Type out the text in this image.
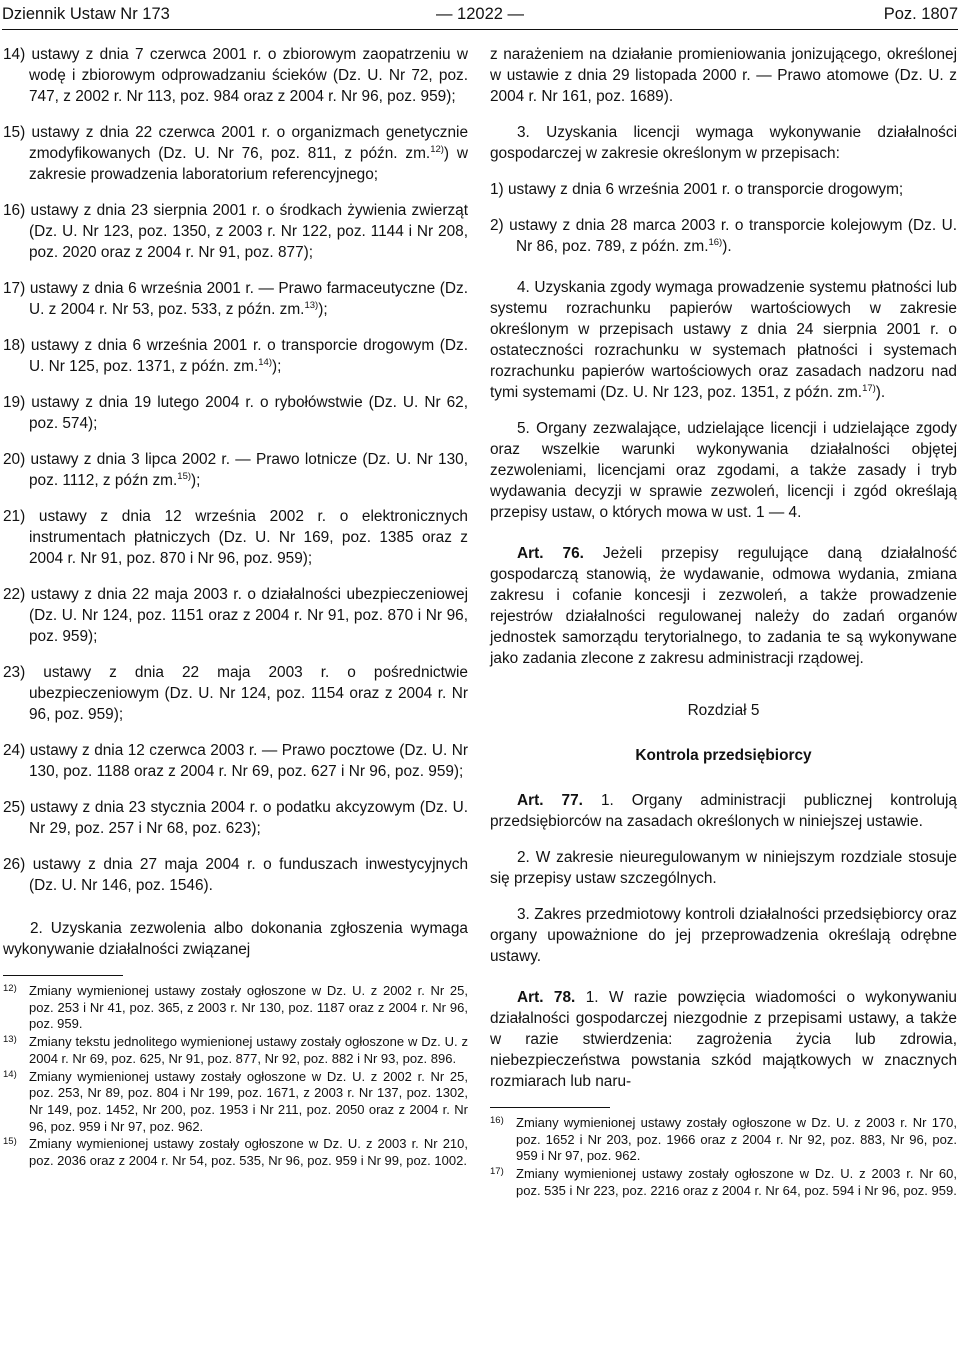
Dziennik Ustaw Nr 173	— 12022 —	Poz. 1807

14) ustawy z dnia 7 czerwca 2001 r. o zbiorowym zaopatrzeniu w wodę i zbiorowym odprowadzaniu ścieków (Dz. U. Nr 72, poz. 747, z 2002 r. Nr 113, poz. 984 oraz z 2004 r. Nr 96, poz. 959);

15) ustawy z dnia 22 czerwca 2001 r. o organizmach genetycznie zmodyfikowanych (Dz. U. Nr 76, poz. 811, z późn. zm.$^{12)}$) w zakresie prowadzenia laboratorium referencyjnego;

16) ustawy z dnia 23 sierpnia 2001 r. o środkach żywienia zwierząt (Dz. U. Nr 123, poz. 1350, z 2003 r. Nr 122, poz. 1144 i Nr 208, poz. 2020 oraz z 2004 r. Nr 91, poz. 877);

17) ustawy z dnia 6 września 2001 r. — Prawo farmaceutyczne (Dz. U. z 2004 r. Nr 53, poz. 533, z późn. zm.$^{13)}$);

18) ustawy z dnia 6 września 2001 r. o transporcie drogowym (Dz. U. Nr 125, poz. 1371, z późn. zm.$^{14)}$);

19) ustawy z dnia 19 lutego 2004 r. o rybołówstwie (Dz. U. Nr 62, poz. 574);

20) ustawy z dnia 3 lipca 2002 r. — Prawo lotnicze (Dz. U. Nr 130, poz. 1112, z późn zm.$^{15)}$);

21) ustawy z dnia 12 września 2002 r. o elektronicznych instrumentach płatniczych (Dz. U. Nr 169, poz. 1385 oraz z 2004 r. Nr 91, poz. 870 i Nr 96, poz. 959);

22) ustawy z dnia 22 maja 2003 r. o działalności ubezpieczeniowej (Dz. U. Nr 124, poz. 1151 oraz z 2004 r. Nr 91, poz. 870 i Nr 96, poz. 959);

23) ustawy z dnia 22 maja 2003 r. o pośrednictwie ubezpieczeniowym (Dz. U. Nr 124, poz. 1154 oraz z 2004 r. Nr 96, poz. 959);

24) ustawy z dnia 12 czerwca 2003 r. — Prawo pocztowe (Dz. U. Nr 130, poz. 1188 oraz z 2004 r. Nr 69, poz. 627 i Nr 96, poz. 959);

25) ustawy z dnia 23 stycznia 2004 r. o podatku akcyzowym (Dz. U. Nr 29, poz. 257 i Nr 68, poz. 623);

26) ustawy z dnia 27 maja 2004 r. o funduszach inwestycyjnych (Dz. U. Nr 146, poz. 1546).

2. Uzyskania zezwolenia albo dokonania zgłoszenia wymaga wykonywanie działalności związanej

12) Zmiany wymienionej ustawy zostały ogłoszone w Dz. U. z 2002 r. Nr 25, poz. 253 i Nr 41, poz. 365, z 2003 r. Nr 130, poz. 1187 oraz z 2004 r. Nr 96, poz. 959.
13) Zmiany tekstu jednolitego wymienionej ustawy zostały ogłoszone w Dz. U. z 2004 r. Nr 69, poz. 625, Nr 91, poz. 877, Nr 92, poz. 882 i Nr 93, poz. 896.
14) Zmiany wymienionej ustawy zostały ogłoszone w Dz. U. z 2002 r. Nr 25, poz. 253, Nr 89, poz. 804 i Nr 199, poz. 1671, z 2003 r. Nr 137, poz. 1302, Nr 149, poz. 1452, Nr 200, poz. 1953 i Nr 211, poz. 2050 oraz z 2004 r. Nr 96, poz. 959 i Nr 97, poz. 962.
15) Zmiany wymienionej ustawy zostały ogłoszone w Dz. U. z 2003 r. Nr 210, poz. 2036 oraz z 2004 r. Nr 54, poz. 535, Nr 96, poz. 959 i Nr 99, poz. 1002.

z narażeniem na działanie promieniowania jonizującego, określonej w ustawie z dnia 29 listopada 2000 r. — Prawo atomowe (Dz. U. z 2004 r. Nr 161, poz. 1689).

3. Uzyskania licencji wymaga wykonywanie działalności gospodarczej w zakresie określonym w przepisach:

1) ustawy z dnia 6 września 2001 r. o transporcie drogowym;

2) ustawy z dnia 28 marca 2003 r. o transporcie kolejowym (Dz. U. Nr 86, poz. 789, z późn. zm.$^{16)}$).

4. Uzyskania zgody wymaga prowadzenie systemu płatności lub systemu rozrachunku papierów wartościowych w zakresie określonym w przepisach ustawy z dnia 24 sierpnia 2001 r. o ostateczności rozrachunku w systemach płatności i systemach rozrachunku papierów wartościowych oraz zasadach nadzoru nad tymi systemami (Dz. U. Nr 123, poz. 1351, z późn. zm.$^{17)}$).

5. Organy zezwalające, udzielające licencji i udzielające zgody oraz wszelkie warunki wykonywania działalności objętej zezwoleniami, licencjami oraz zgodami, a także zasady i tryb wydawania decyzji w sprawie zezwoleń, licencji i zgód określają przepisy ustaw, o których mowa w ust. 1 — 4.

Art. 76. Jeżeli przepisy regulujące daną działalność gospodarczą stanowią, że wydawanie, odmowa wydania, zmiana zakresu i cofanie koncesji i zezwoleń, a także prowadzenie rejestrów działalności regulowanej należy do zadań organów jednostek samorządu terytorialnego, to zadania te są wykonywane jako zadania zlecone z zakresu administracji rządowej.

Rozdział 5

Kontrola przedsiębiorcy

Art. 77. 1. Organy administracji publicznej kontrolują przedsiębiorców na zasadach określonych w niniejszej ustawie.

2. W zakresie nieuregulowanym w niniejszym rozdziale stosuje się przepisy ustaw szczególnych.

3. Zakres przedmiotowy kontroli działalności przedsiębiorcy oraz organy upoważnione do jej przeprowadzenia określają odrębne ustawy.

Art. 78. 1. W razie powzięcia wiadomości o wykonywaniu działalności gospodarczej niezgodnie z przepisami ustawy, a także w razie stwierdzenia: zagrożenia życia lub zdrowia, niebezpieczeństwa powstania szkód majątkowych w znacznych rozmiarach lub naru-

16) Zmiany wymienionej ustawy zostały ogłoszone w Dz. U. z 2003 r. Nr 170, poz. 1652 i Nr 203, poz. 1966 oraz z 2004 r. Nr 92, poz. 883, Nr 96, poz. 959 i Nr 97, poz. 962.
17) Zmiany wymienionej ustawy zostały ogłoszone w Dz. U. z 2003 r. Nr 60, poz. 535 i Nr 223, poz. 2216 oraz z 2004 r. Nr 64, poz. 594 i Nr 96, poz. 959.
